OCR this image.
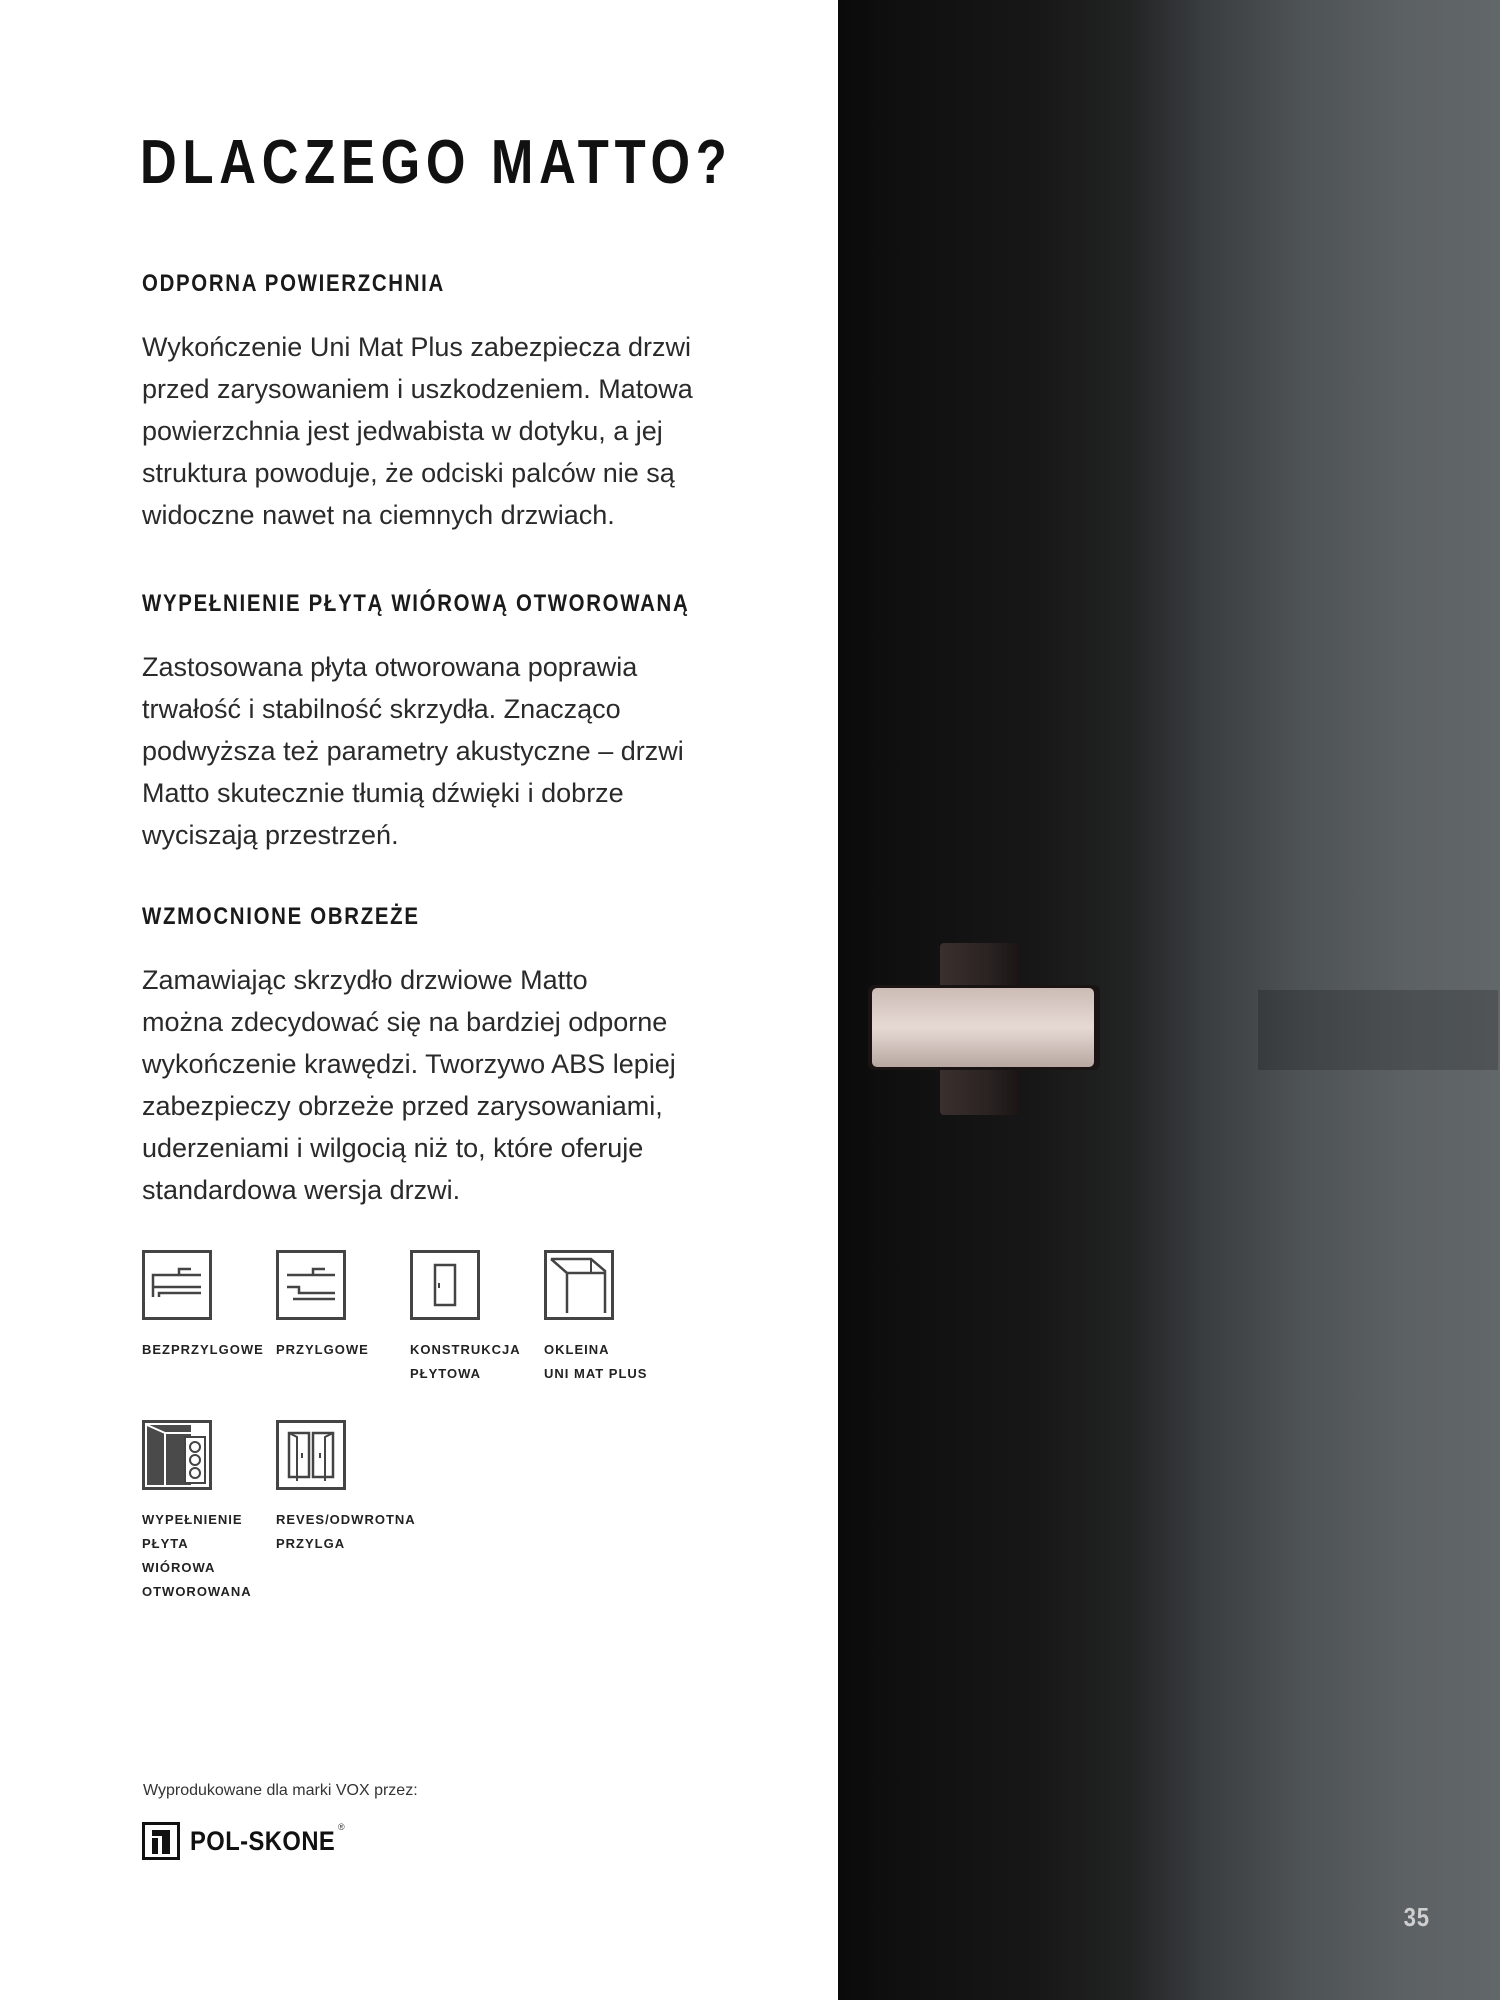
DLACZEGO MATTO?
ODPORNA POWIERZCHNIA

Wykończenie Uni Mat Plus zabezpiecza drzwi
przed zarysowaniem i uszkodzeniem. Matowa
powierzchnia jest jedwabista w dotyku, a jej
struktura powoduje, że odciski palców nie są
widoczne nawet na ciemnych drzwiach.

WYPEŁNIENIE PŁYTĄ WIÓROWĄ OTWOROWANĄ

Zastosowana płyta otworowana poprawia
trwałość i stabilność skrzydła. Znacząco
podwyższa też parametry akustyczne – drzwi
Matto skutecznie tłumią dźwięki i dobrze
wyciszają przestrzeń.

WZMOCNIONE OBRZEŻE

Zamawiając skrzydło drzwiowe Matto
można zdecydować się na bardziej odporne
wykończenie krawędzi. Tworzywo ABS lepiej
zabezpieczy obrzeże przed zarysowaniami,
uderzeniami i wilgocią niż to, które oferuje
standardowa wersja drzwi.

BEZPRZYLGOWE PRZYLGOWE	KONSTRUKCJA
PŁYTOWA
OKLEINA
UNI MAT PLUS
WYPEŁNIENIE
PŁYTA WIÓROWA
OTWOROWANA
REVES/ODWROTNA
PRZYLGA

Wyprodukowane dla marki VOX przez:

POL-SKONE ®
35
